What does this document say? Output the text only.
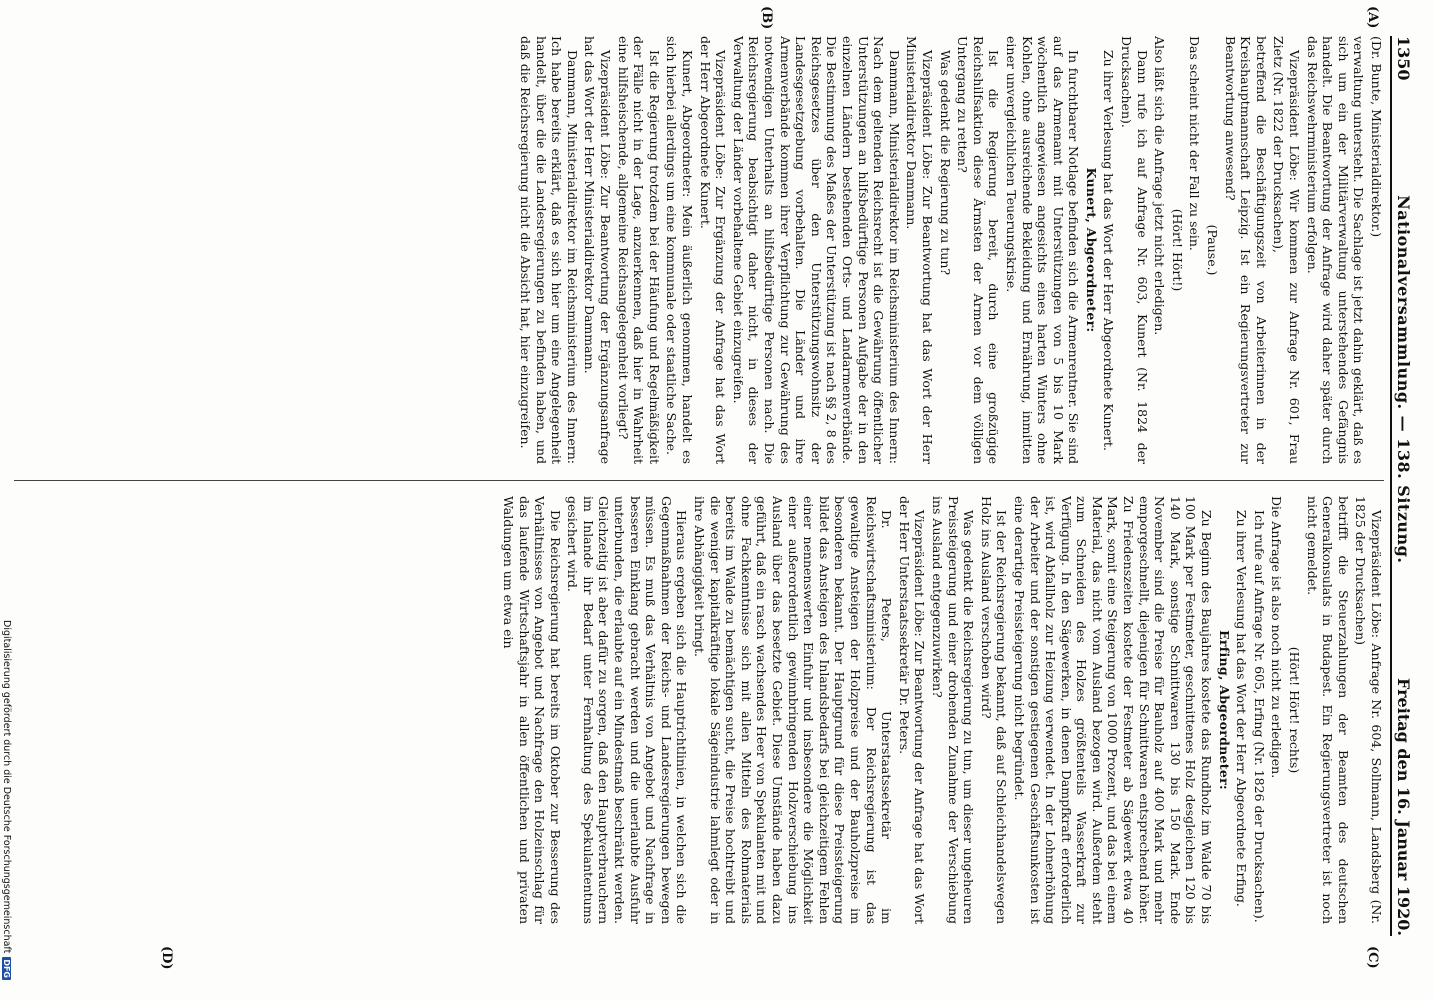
1350
Nationalversammlung. — 138. Sitzung.
Freitag den 16. Januar 1920.

(Dr. Bunte, Ministerialdirektor.)

verwaltung untersteht. Die Sachlage ist jetzt dahin geklärt, daß es sich um ein der Militärverwaltung unterstehendes Gefängnis handelt. Die Beantwortung der Anfrage wird daher später durch das Reichswehrministerium erfolgen.

Vizepräsident Löbe: Wir kommen zur Anfrage Nr. 601, Frau Zietz (Nr. 1822 der Drucksachen),

betreffend die Beschäftigungszeit von Arbeiterinnen in der Kreishauptmannschaft Leipzig. Ist ein Regierungsvertreter zur Beantwortung anwesend?

(Pause.)

Das scheint nicht der Fall zu sein.

(Hört! Hört!)

Also läßt sich die Anfrage jetzt nicht erledigen.

Dann rufe ich auf Anfrage Nr. 603, Kunert (Nr. 1824 der Drucksachen).

Zu ihrer Verlesung hat das Wort der Herr Abgeordnete Kunert.

Kunert, Abgeordneter:

In furchtbarer Notlage befinden sich die Armenrentner. Sie sind auf das Armenamt mit Unterstützungen von 5 bis 10 Mark wöchentlich angewiesen angesichts eines harten Winters ohne Kohlen, ohne ausreichende Bekleidung und Ernährung, inmitten einer unvergleichlichen Teuerungskrise.

Ist die Regierung bereit, durch eine großzügige Reichshilfsaktion diese Ärmsten der Armen vor dem völligen Untergang zu retten?

Was gedenkt die Regierung zu tun?

Vizepräsident Löbe: Zur Beantwortung hat das Wort der Herr Ministerialdirektor Dammann.

Dammann, Ministerialdirektor im Reichsministerium des Innern: Nach dem geltenden Reichsrecht ist die Gewährung öffentlicher Unterstützungen an hilfsbedürftige Personen Aufgabe der in den einzelnen Ländern bestehenden Orts- und Landarmenverbände. Die Bestimmung des Maßes der Unterstützung ist nach §§ 2, 8 des Reichsgesetzes über den Unterstützungswohnsitz der Landesgesetzgebung vorbehalten. Die Länder und ihre Armenverbände kommen ihrer Verpflichtung zur Gewährung des notwendigen Unterhalts an hilfsbedürftige Personen nach. Die Reichsregierung beabsichtigt daher nicht, in dieses der Verwaltung der Länder vorbehaltene Gebiet einzugreifen.

Vizepräsident Löbe: Zur Ergänzung der Anfrage hat das Wort der Herr Abgeordnete Kunert.

Kunert, Abgeordneter: Mein äußerlich genommen, handelt es sich hierbei allerdings um eine kommunale oder staatliche Sache.

Ist die Regierung trotzdem bei der Häufung und Regelmäßigkeit der Fälle nicht in der Lage, anzuerkennen, daß hier in Wahrheit eine hilfsheischende, allgemeine Reichsangelegenheit vorliegt?

Vizepräsident Löbe: Zur Beantwortung der Ergänzungsanfrage hat das Wort der Herr Ministerialdirektor Dammann.

Dammann, Ministerialdirektor im Reichsministerium des Innern: Ich habe bereits erklärt, daß es sich hier um eine Angelegenheit handelt, über die die Landesregierungen zu befinden haben, und daß die Reichsregierung nicht die Absicht hat, hier einzugreifen.

Vizepräsident Löbe: Anfrage Nr. 604, Sollmann, Landsberg (Nr. 1825 der Drucksachen)

betrifft die Steuerzahlungen der Beamten des deutschen Generalkonsulats in Budapest. Ein Regierungsvertreter ist noch nicht gemeldet.

(Hört! Hört! rechts)

Die Anfrage ist also noch nicht zu erledigen.

Ich rufe auf Anfrage Nr. 605, Erfing (Nr. 1826 der Drucksachen).

Zu ihrer Verlesung hat das Wort der Herr Abgeordnete Erfing.

Erfing, Abgeordneter:

Zu Beginn des Baujahres kostete das Rundholz im Walde 70 bis 100 Mark per Festmeter, geschnittenes Holz desgleichen 120 bis 140 Mark, sonstige Schnittwaren 130 bis 150 Mark. Ende November sind die Preise für Bauholz auf 400 Mark und mehr emporgeschnellt, diejenigen für Schnittwaren entsprechend höher. Zu Friedenszeiten kostete der Festmeter ab Sägewerk etwa 40 Mark, somit eine Steigerung von 1000 Prozent, und das bei einem Material, das nicht vom Ausland bezogen wird. Außerdem steht zum Schneiden des Holzes größtenteils Wasserkraft zur Verfügung. In den Sägewerken, in denen Dampfkraft erforderlich ist, wird Abfallholz zur Heizung verwendet. In der Lohnerhöhung der Arbeiter und der sonstigen gestiegenen Geschäftsunkosten ist eine derartige Preissteigerung nicht begründet.

Ist der Reichsregierung bekannt, daß auf Schleichhandelswegen Holz ins Ausland verschoben wird?

Was gedenkt die Reichsregierung zu tun, um dieser ungeheuren Preissteigerung und einer drohenden Zunahme der Verschiebung ins Ausland entgegenzuwirken?

Vizepräsident Löbe: Zur Beantwortung der Anfrage hat das Wort der Herr Unterstaatssekretär Dr. Peters.

Dr. Peters, Unterstaatssekretär im Reichswirtschaftsministerium: Der Reichsregierung ist das gewaltige Ansteigen der Holzpreise und der Bauholzpreise im besonderen bekannt. Der Hauptgrund für diese Preissteigerung bildet das Ansteigen des Inlandsbedarfs bei gleichzeitigem Fehlen einer nennenswerten Einfuhr und insbesondere die Möglichkeit einer außerordentlich gewinnbringenden Holzverschiebung ins Ausland über das besetzte Gebiet. Diese Umstände haben dazu geführt, daß ein rasch wachsendes Heer von Spekulanten mit und ohne Fachkenntnisse sich mit allen Mitteln des Rohmaterials bereits im Walde zu bemächtigen sucht, die Preise hochtreibt und die weniger kapitalkräftige lokale Sägeindustrie lahmlegt oder in ihre Abhängigkeit bringt.

Hieraus ergeben sich die Hauptrichtlinien, in welchen sich die Gegenmaßnahmen der Reichs- und Landesregierungen bewegen müssen. Es muß das Verhältnis von Angebot und Nachfrage in besseren Einklang gebracht werden und die unerlaubte Ausfuhr unterbunden, die erlaubte auf ein Mindestmaß beschränkt werden. Gleichzeitig ist aber dafür zu sorgen, daß den Hauptverbrauchern im Inlande ihr Bedarf unter Fernhaltung des Spekulantentums gesichert wird.

Die Reichsregierung hat bereits im Oktober zur Besserung des Verhältnisses von Angebot und Nachfrage den Holzeinschlag für das laufende Wirtschaftsjahr in allen öffentlichen und privaten Waldungen um etwa ein

(A)
(B)
(C)
(D)
Digitalisierung gefördert durch die Deutsche Forschungsgemeinschaft
DFG
